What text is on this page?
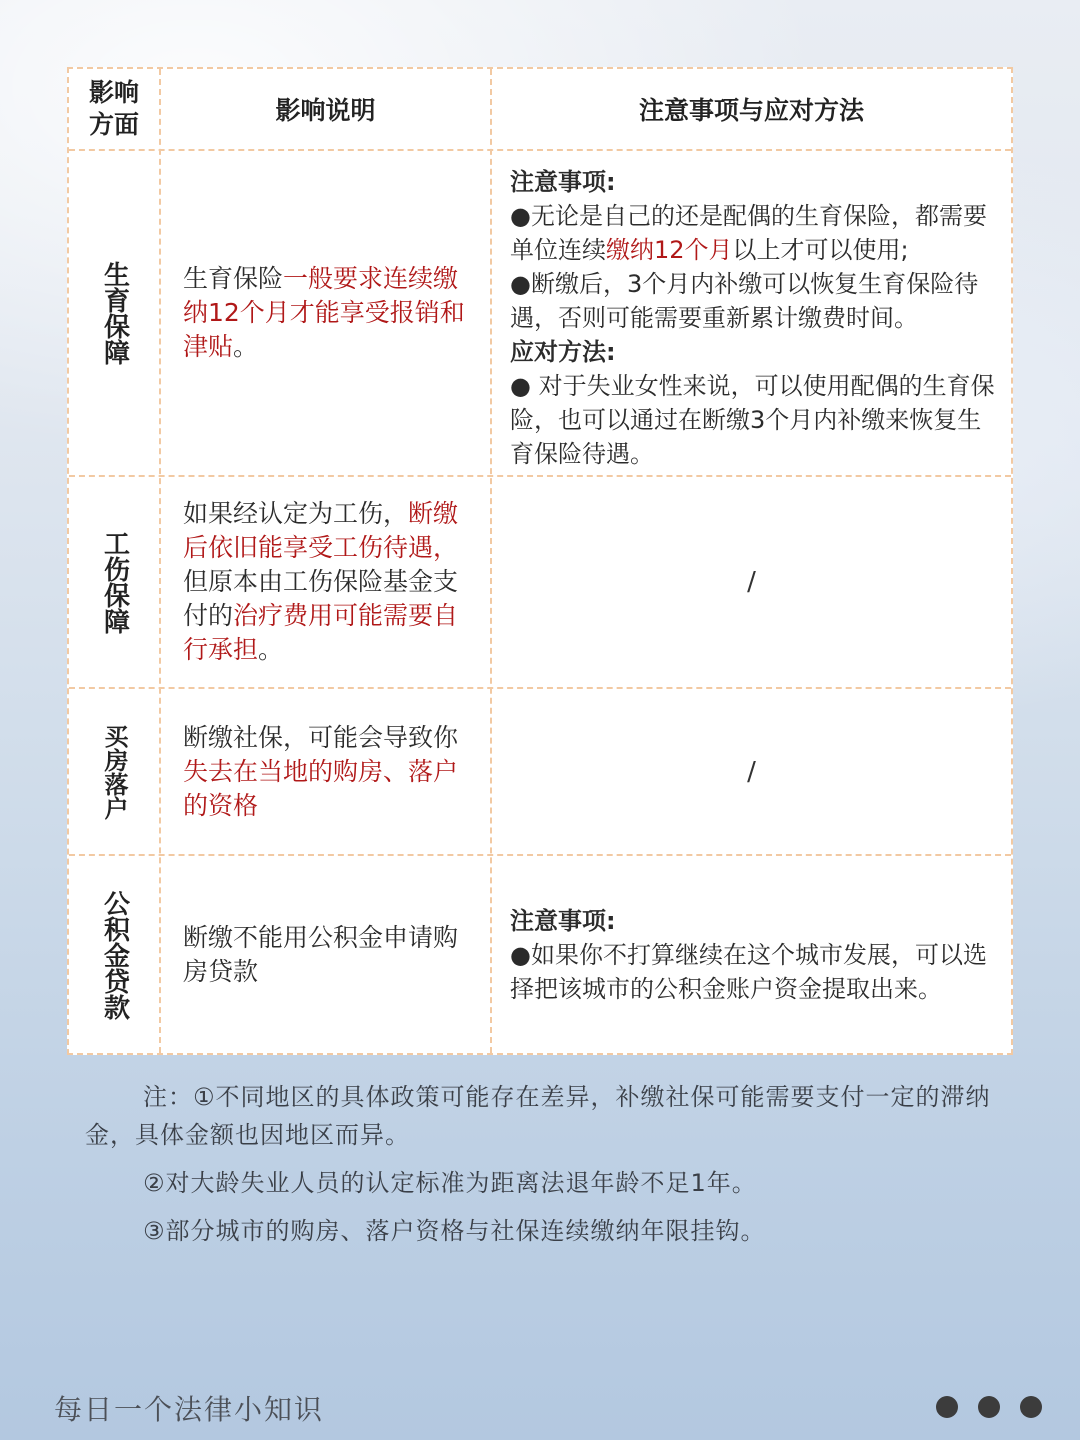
影响方面	影响说明	注意事项与应对方法
生育保障 生育保险一般要求连续缴纳12个月才能享受报销和津贴。

注意事项:
●无论是自己的还是配偶的生育保险，都需要单位连续缴纳12个月以上才可以使用;
●断缴后，3个月内补缴可以恢复生育保险待遇，否则可能需要重新累计缴费时间。
应对方法:
● 对于失业女性来说，可以使用配偶的生育保险，也可以通过在断缴3个月内补缴来恢复生育保险待遇。
工伤保障

如果经认定为工伤，断缴后依旧能享受工伤待遇，但原本由工伤保险基金支付的治疗费用可能需要自行承担。

/
买房落户 断缴社保，可能会导致你失去在当地的购房、落户的资格

/
公积金贷款 断缴不能用公积金申请购房贷款

注意事项:
●如果你不打算继续在这个城市发展，可以选择把该城市的公积金账户资金提取出来。
注：①不同地区的具体政策可能存在差异，补缴社保可能需要支付一定的滞纳金，具体金额也因地区而异。
②对大龄失业人员的认定标准为距离法退年龄不足1年。
③部分城市的购房、落户资格与社保连续缴纳年限挂钩。
每日一个法律小知识
